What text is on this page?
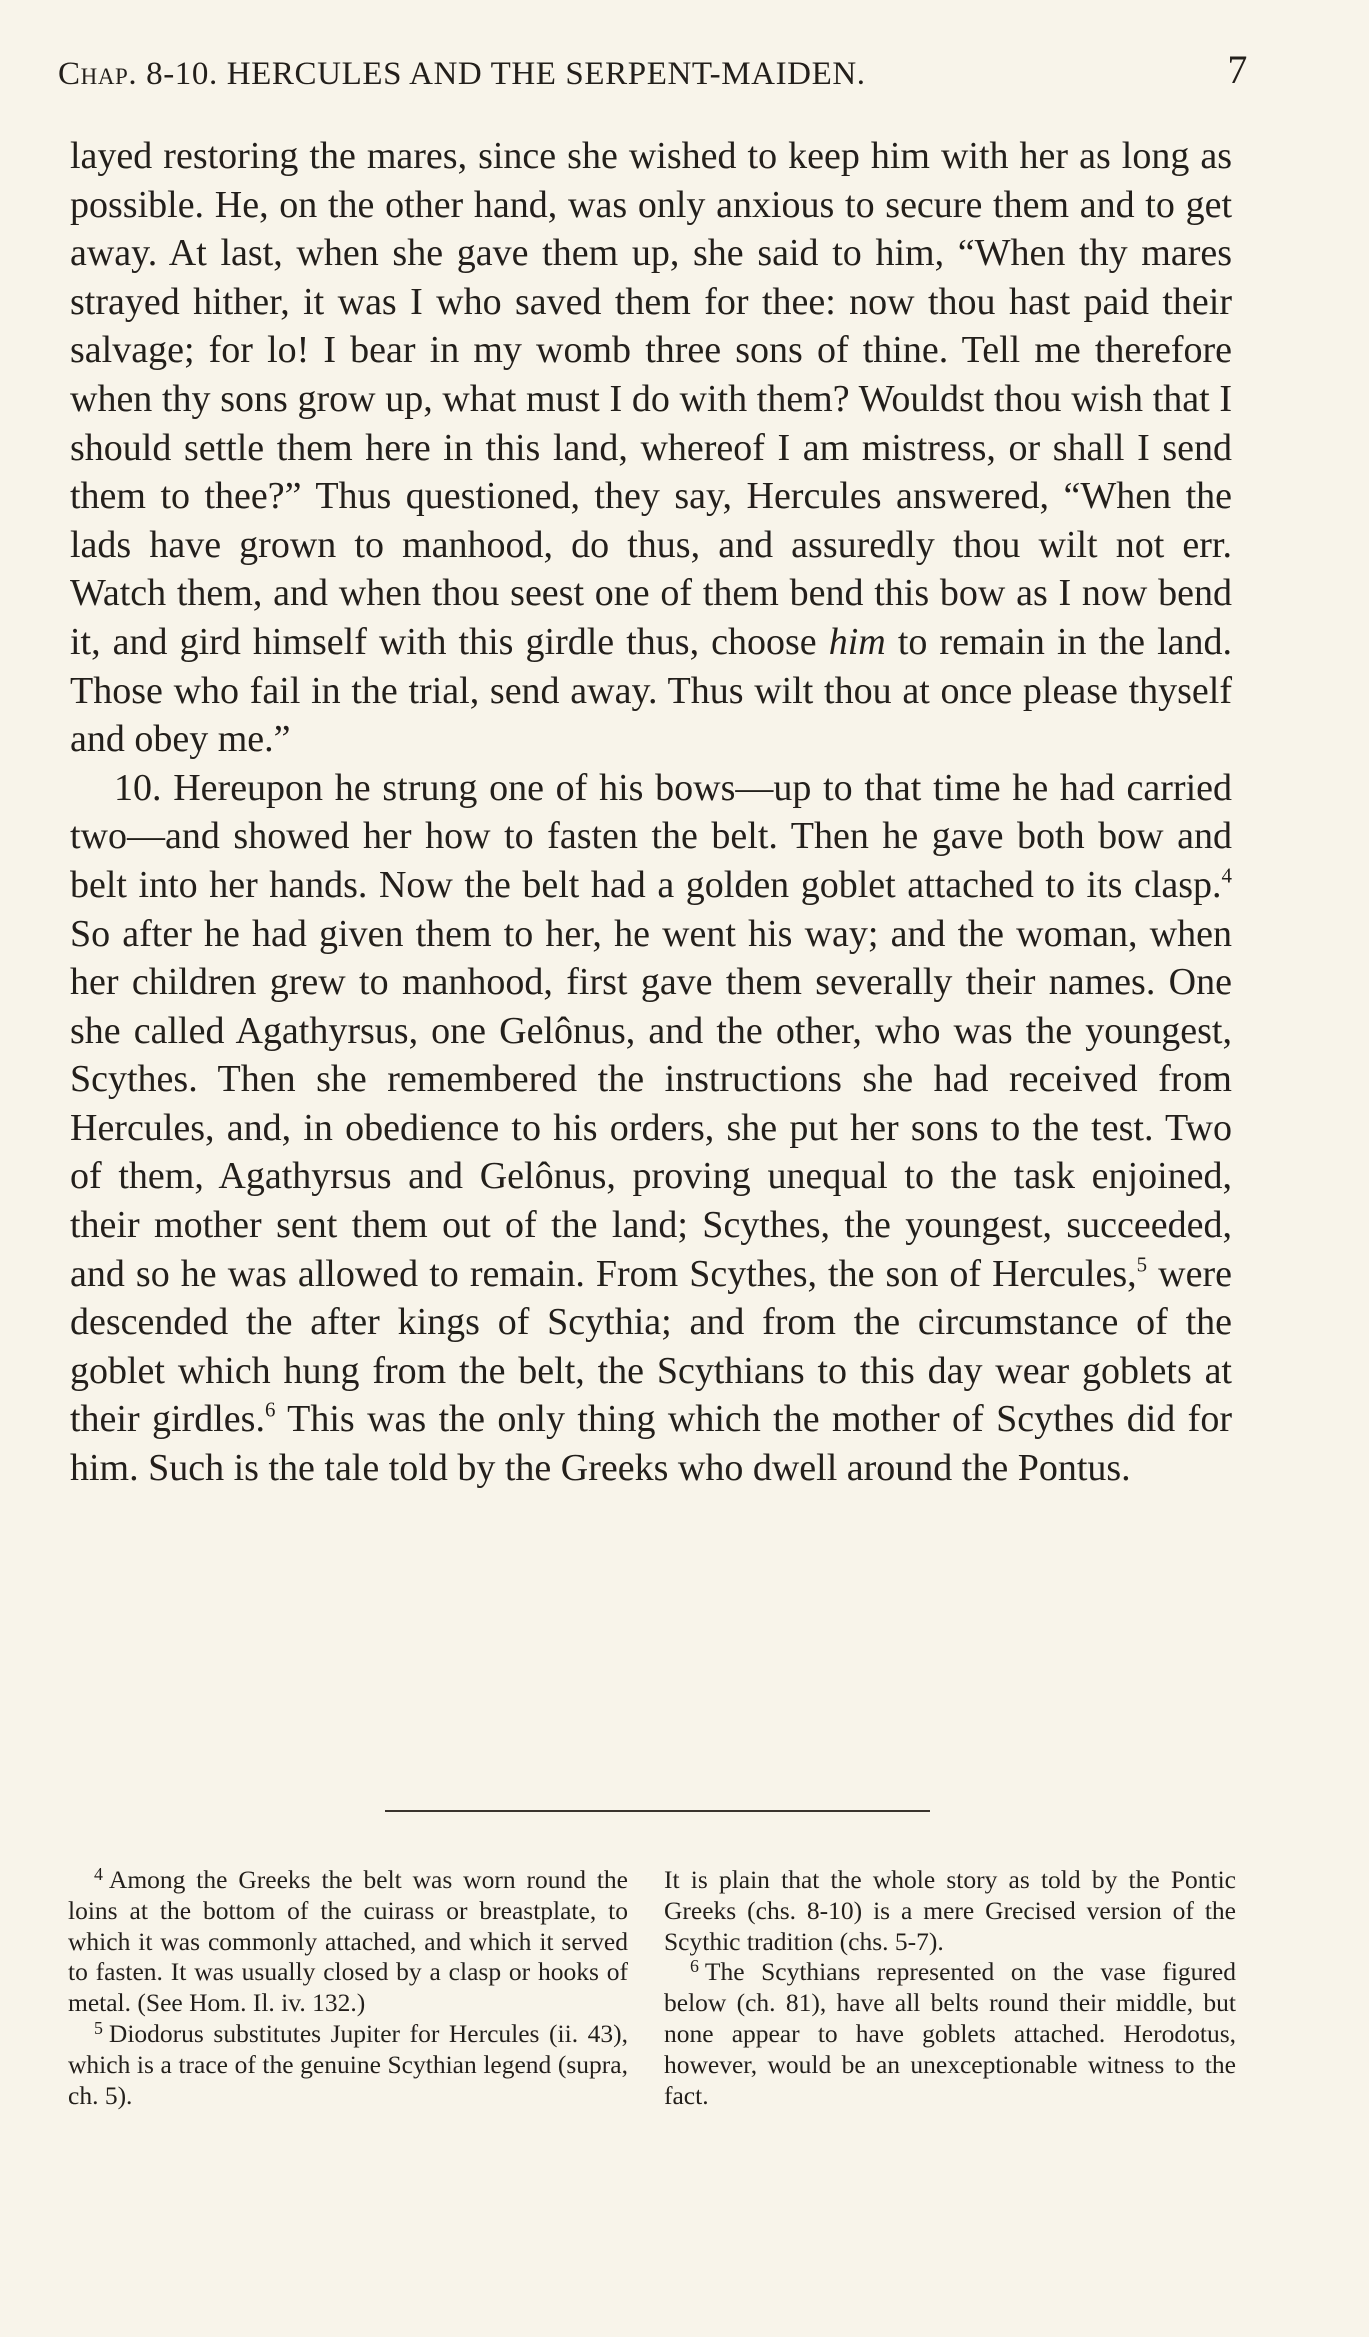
Chap. 8-10. HERCULES AND THE SERPENT-MAIDEN.	7

layed restoring the mares, since she wished to keep him with her as long as possible. He, on the other hand, was only anxious to secure them and to get away. At last, when she gave them up, she said to him, “When thy mares strayed hither, it was I who saved them for thee: now thou hast paid their salvage; for lo! I bear in my womb three sons of thine. Tell me therefore when thy sons grow up, what must I do with them? Wouldst thou wish that I should settle them here in this land, whereof I am mistress, or shall I send them to thee?” Thus questioned, they say, Hercules answered, “When the lads have grown to manhood, do thus, and assuredly thou wilt not err. Watch them, and when thou seest one of them bend this bow as I now bend it, and gird himself with this girdle thus, choose him to remain in the land. Those who fail in the trial, send away. Thus wilt thou at once please thyself and obey me.”

10. Hereupon he strung one of his bows—up to that time he had carried two—and showed her how to fasten the belt. Then he gave both bow and belt into her hands. Now the belt had a golden goblet attached to its clasp.$^4$ So after he had given them to her, he went his way; and the woman, when her children grew to manhood, first gave them severally their names. One she called Agathyrsus, one Gelônus, and the other, who was the youngest, Scythes. Then she remembered the instructions she had received from Hercules, and, in obedience to his orders, she put her sons to the test. Two of them, Agathyrsus and Gelônus, proving unequal to the task enjoined, their mother sent them out of the land; Scythes, the youngest, succeeded, and so he was allowed to remain. From Scythes, the son of Hercules,$^5$ were descended the after kings of Scythia; and from the circumstance of the goblet which hung from the belt, the Scythians to this day wear goblets at their girdles.$^6$ This was the only thing which the mother of Scythes did for him. Such is the tale told by the Greeks who dwell around the Pontus.

$^4$ Among the Greeks the belt was worn round the loins at the bottom of the cuirass or breastplate, to which it was commonly attached, and which it served to fasten. It was usually closed by a clasp or hooks of metal. (See Hom. Il. iv. 132.)

$^5$ Diodorus substitutes Jupiter for Hercules (ii. 43), which is a trace of the genuine Scythian legend (supra, ch. 5).

It is plain that the whole story as told by the Pontic Greeks (chs. 8-10) is a mere Grecised version of the Scythic tradition (chs. 5-7).

$^6$ The Scythians represented on the vase figured below (ch. 81), have all belts round their middle, but none appear to have goblets attached. Herodotus, however, would be an unexceptionable witness to the fact.
